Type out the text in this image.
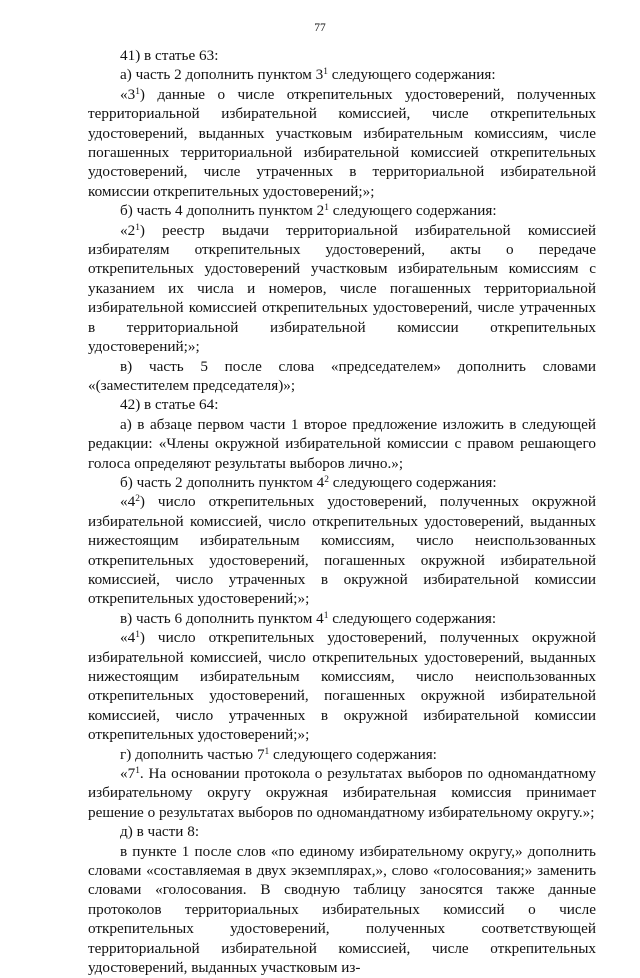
77

41) в статье 63:

а) часть 2 дополнить пунктом $3^1$ следующего содержания:

«$3^1$) данные о числе открепительных удостоверений, полученных территориальной избирательной комиссией, числе открепительных удостоверений, выданных участковым избирательным комиссиям, числе погашенных территориальной избирательной комиссией открепительных удостоверений, числе утраченных в территориальной избирательной комиссии открепительных удостоверений;»;

б) часть 4 дополнить пунктом $2^1$ следующего содержания:

«$2^1$) реестр выдачи территориальной избирательной комиссией избирателям открепительных удостоверений, акты о передаче открепительных удостоверений участковым избирательным комиссиям с указанием их числа и номеров, числе погашенных территориальной избирательной комиссией открепительных удостоверений, числе утраченных в территориальной избирательной комиссии открепительных удостоверений;»;

в) часть 5 после слова «председателем» дополнить словами «(заместителем председателя)»;

42) в статье 64:

а) в абзаце первом части 1 второе предложение изложить в следующей редакции: «Члены окружной избирательной комиссии с правом решающего голоса определяют результаты выборов лично.»;

б) часть 2 дополнить пунктом $4^2$ следующего содержания:

«$4^2$) число открепительных удостоверений, полученных окружной избирательной комиссией, число открепительных удостоверений, выданных нижестоящим избирательным комиссиям, число неиспользованных открепительных удостоверений, погашенных окружной избирательной комиссией, число утраченных в окружной избирательной комиссии открепительных удостоверений;»;

в) часть 6 дополнить пунктом $4^1$ следующего содержания:

«$4^1$) число открепительных удостоверений, полученных окружной избирательной комиссией, число открепительных удостоверений, выданных нижестоящим избирательным комиссиям, число неиспользованных открепительных удостоверений, погашенных окружной избирательной комиссией, число утраченных в окружной избирательной комиссии открепительных удостоверений;»;

г) дополнить частью $7^1$ следующего содержания:

«$7^1$. На основании протокола о результатах выборов по одномандатному избирательному округу окружная избирательная комиссия принимает решение о результатах выборов по одномандатному избирательному округу.»;

д) в части 8:

в пункте 1 после слов «по единому избирательному округу,» дополнить словами «составляемая в двух экземплярах,», слово «голосования;» заменить словами «голосования. В сводную таблицу заносятся также данные протоколов территориальных избирательных комиссий о числе открепительных удостоверений, полученных соответствующей территориальной избирательной комиссией, числе открепительных удостоверений, выданных участковым из-
